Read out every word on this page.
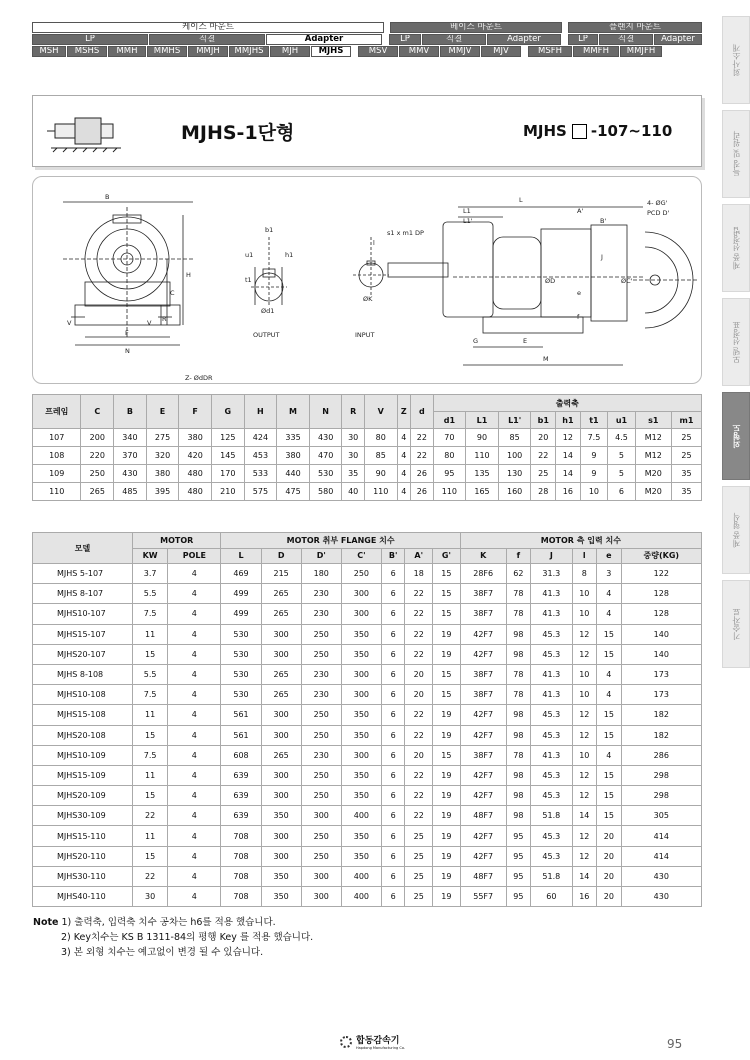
케이스 마운트	베이스 마운트	플랜지 마운트
LP	직결	Adapter	LP	직결	Adapter	LP	직결	Adapter
MSH	MSHS	MMH	MMHS	MMJH	MMJHS	MJH	MJHS	MSV	MMV	MMJV	MJV	MSFH	MMFH	MMJFH	회사소개
특징 및 원리
제품 선정법
모델 선정표
외형도
제품 형식
기술자료
MJHS-1단형	MJHS -107~110
B
H
C
R
F
N
V	V
Z- ØdDR
b1
u1	h1
t1
Ød1
OUTPUT
s1 x m1 DP
l
ØK
INPUT
L
L1
L1'
A'
B'
G	E
M
ØD	ØC'
e
f
J
4- ØG'
PCD D'
프레임	C	B	E	F	G	H	M	N	R	V	Z	d	출력축								
													d1	L1	L1'	b1	h1	t1	u1	s1	m1
107	200	340	275	380	125	424	335	430	30	80	4	22	70	90	85	20	12	7.5	4.5	M12	25
108	220	370	320	420	145	453	380	470	30	85	4	22	80	110	100	22	14	9	5	M12	25
109	250	430	380	480	170	533	440	530	35	90	4	26	95	135	130	25	14	9	5	M20	35
110	265	485	395	480	210	575	475	580	40	110	4	26	110	165	160	28	16	10	6	M20	35
모델	MOTOR		MOTOR 취부 FLANGE 치수							MOTOR 측 입력 치수					
	KW	POLE	L	D	D'	C'	B'	A'	G'	K	f	J	l	e	중량(KG)
MJHS 5-107	3.7	4	469	215	180	250	6	18	15	28F6	62	31.3	8	3	122
MJHS 8-107	5.5	4	499	265	230	300	6	22	15	38F7	78	41.3	10	4	128
MJHS10-107	7.5	4	499	265	230	300	6	22	15	38F7	78	41.3	10	4	128
MJHS15-107	11	4	530	300	250	350	6	22	19	42F7	98	45.3	12	15	140
MJHS20-107	15	4	530	300	250	350	6	22	19	42F7	98	45.3	12	15	140
MJHS 8-108	5.5	4	530	265	230	300	6	20	15	38F7	78	41.3	10	4	173
MJHS10-108	7.5	4	530	265	230	300	6	20	15	38F7	78	41.3	10	4	173
MJHS15-108	11	4	561	300	250	350	6	22	19	42F7	98	45.3	12	15	182
MJHS20-108	15	4	561	300	250	350	6	22	19	42F7	98	45.3	12	15	182
MJHS10-109	7.5	4	608	265	230	300	6	20	15	38F7	78	41.3	10	4	286
MJHS15-109	11	4	639	300	250	350	6	22	19	42F7	98	45.3	12	15	298
MJHS20-109	15	4	639	300	250	350	6	22	19	42F7	98	45.3	12	15	298
MJHS30-109	22	4	639	350	300	400	6	22	19	48F7	98	51.8	14	15	305
MJHS15-110	11	4	708	300	250	350	6	25	19	42F7	95	45.3	12	20	414
MJHS20-110	15	4	708	300	250	350	6	25	19	42F7	95	45.3	12	20	414
MJHS30-110	22	4	708	350	300	400	6	25	19	48F7	95	51.8	14	20	430
MJHS40-110	30	4	708	350	300	400	6	25	19	55F7	95	60	16	20	430
Note
1) 출력축, 입력축 치수 공차는 h6를 적용 했습니다.
2) Key치수는 KS B 1311-84의 평행 Key 를 적용 했습니다.
3) 본 외형 치수는 예고없이 변경 될 수 있습니다.
합동감속기
Hapdong Manufacturing Co.	95
